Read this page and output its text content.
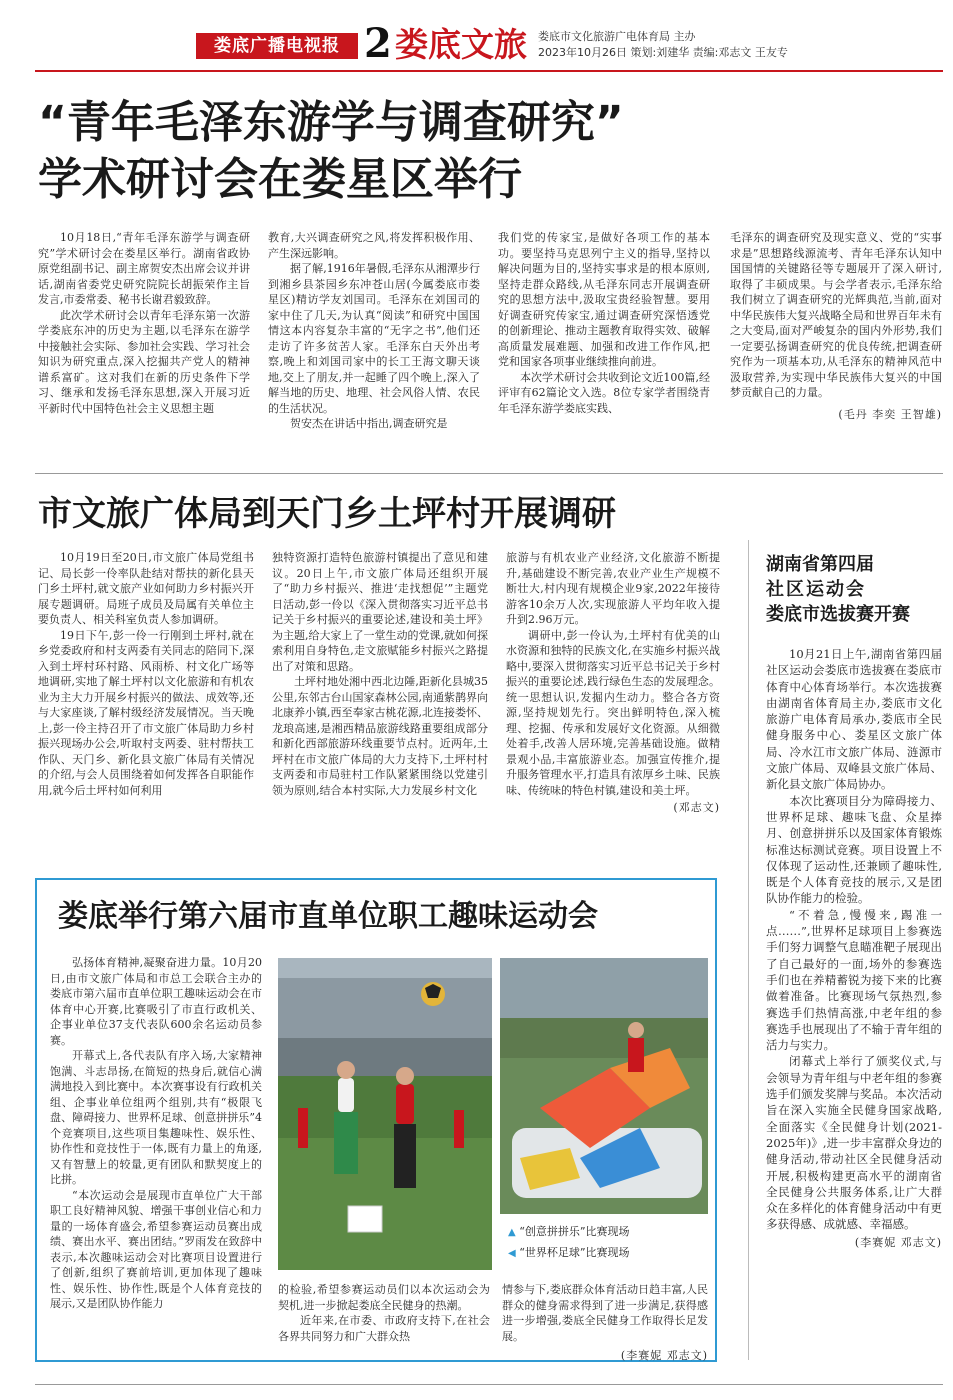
娄底广播电视报 2 娄底文旅 娄底市文化旅游广电体育局 主办
2023年10月26日 策划:刘建华 责编:邓志文 王友专
“青年毛泽东游学与调查研究”
学术研讨会在娄星区举行

10月18日,“青年毛泽东游学与调查研究”学术研讨会在娄星区举行。湖南省政协原党组副书记、副主席贺安杰出席会议并讲话,湖南省委党史研究院院长胡振荣作主旨发言,市委常委、秘书长谢君毅致辞。

此次学术研讨会以青年毛泽东第一次游学娄底东冲的历史为主题,以毛泽东在游学中接触社会实际、参加社会实践、学习社会知识为研究重点,深入挖掘共产党人的精神谱系富矿。这对我们在新的历史条件下学习、继承和发扬毛泽东思想,深入开展习近平新时代中国特色社会主义思想主题

教育,大兴调查研究之风,将发挥积极作用、产生深远影响。

据了解,1916年暑假,毛泽东从湘潭步行到湘乡县茶园乡东冲苍山居(今属娄底市娄星区)精访学友刘国司。毛泽东在刘国司的家中住了几天,为认真“阅读”和研究中国国情这本内容复杂丰富的“无字之书”,他们还走访了许多贫苦人家。毛泽东白天外出考察,晚上和刘国司家中的长工王海文聊天谈地,交上了朋友,并一起睡了四个晚上,深入了解当地的历史、地理、社会风俗人情、农民的生活状况。

贺安杰在讲话中指出,调查研究是

我们党的传家宝,是做好各项工作的基本功。要坚持马克思列宁主义的指导,坚持以解决问题为目的,坚持实事求是的根本原则,坚持走群众路线,从毛泽东同志开展调查研究的思想方法中,汲取宝贵经验智慧。要用好调查研究传家宝,通过调查研究深悟透党的创新理论、推动主题教育取得实效、破解高质量发展难题、加强和改进工作作风,把党和国家各项事业继续推向前进。

本次学术研讨会共收到论文近100篇,经评审有62篇论文入选。8位专家学者围绕青年毛泽东游学娄底实践、

毛泽东的调查研究及现实意义、党的“实事求是”思想路线源流考、青年毛泽东认知中国国情的关键路径等专题展开了深入研讨,取得了丰硕成果。与会学者表示,毛泽东给我们树立了调查研究的光辉典范,当前,面对中华民族伟大复兴战略全局和世界百年未有之大变局,面对严峻复杂的国内外形势,我们一定要弘扬调查研究的优良传统,把调查研究作为一项基本功,从毛泽东的精神风范中汲取营养,为实现中华民族伟大复兴的中国梦贡献自己的力量。

(毛丹 李奕 王智雄)
市文旅广体局到天门乡土坪村开展调研

10月19日至20日,市文旅广体局党组书记、局长彭一伶率队赴结对帮扶的新化县天门乡土坪村,就文旅产业如何助力乡村振兴开展专题调研。局班子成员及局属有关单位主要负责人、相关科室负责人参加调研。

19日下午,彭一伶一行刚到土坪村,就在乡党委政府和村支两委有关同志的陪同下,深入到土坪村环村路、风雨桥、村文化广场等地调研,实地了解土坪村以文化旅游和有机农业为主大力开展乡村振兴的做法、成效等,还与大家座谈,了解村级经济发展情况。当天晚上,彭一伶主持召开了市文旅广体局助力乡村振兴现场办公会,听取村支两委、驻村帮扶工作队、天门乡、新化县文旅广体局有关情况的介绍,与会人员围绕着如何发挥各自职能作用,就今后土坪村如何利用

独特资源打造特色旅游村镇提出了意见和建议。20日上午,市文旅广体局还组织开展了“助力乡村振兴、推进‘走找想促’”主题党日活动,彭一伶以《深入贯彻落实习近平总书记关于乡村振兴的重要论述,建设和美土坪》为主题,给大家上了一堂生动的党课,就如何探索利用自身特色,走文旅赋能乡村振兴之路提出了对策和思路。

土坪村地处湘中西北边陲,距新化县城35公里,东邻古台山国家森林公园,南通紫鹊界向北康养小镇,西至奉家古桃花源,北连接娄怀、龙琅高速,是湘西精品旅游线路重要组成部分和新化西部旅游环线重要节点村。近两年,土坪村在市文旅广体局的大力支持下,土坪村村支两委和市局驻村工作队紧紧围绕以党建引领为原则,结合本村实际,大力发展乡村文化

旅游与有机农业产业经济,文化旅游不断提升,基础建设不断完善,农业产业生产规模不断壮大,村内现有规模企业9家,2022年接待游客10余万人次,实现旅游人平均年收入提升到2.96万元。

调研中,彭一伶认为,土坪村有优美的山水资源和独特的民族文化,在实施乡村振兴战略中,要深入贯彻落实习近平总书记关于乡村振兴的重要论述,践行绿色生态的发展理念。统一思想认识,发掘内生动力。整合各方资源,坚持规划先行。突出鲜明特色,深入梳理、挖掘、传承和发展好文化资源。从细微处着手,改善人居环境,完善基础设施。做精景观小品,丰富旅游业态。加强宣传推介,提升服务管理水平,打造具有浓厚乡土味、民族味、传统味的特色村镇,建设和美土坪。

(邓志文)
湖南省第四届
社区运动会
娄底市选拔赛开赛

10月21日上午,湖南省第四届社区运动会娄底市选拔赛在娄底市体育中心体育场举行。本次选拔赛由湖南省体育局主办,娄底市文化旅游广电体育局承办,娄底市全民健身服务中心、娄星区文旅广体局、冷水江市文旅广体局、涟源市文旅广体局、双峰县文旅广体局、新化县文旅广体局协办。

本次比赛项目分为障碍接力、世界杯足球、趣味飞盘、众星捧月、创意拼拼乐以及国家体育锻炼标准达标测试竞赛。项目设置上不仅体现了运动性,还兼顾了趣味性,既是个人体育竞技的展示,又是团队协作能力的检验。

“不着急,慢慢来,踢准一点……”,世界杯足球项目上参赛选手们努力调整气息瞄准靶子展现出了自己最好的一面,场外的参赛选手们也在养精蓄锐为接下来的比赛做着准备。比赛现场气氛热烈,参赛选手们热情高涨,中老年组的参赛选手也展现出了不输于青年组的活力与实力。

闭幕式上举行了颁奖仪式,与会领导为青年组与中老年组的参赛选手们颁发奖牌与奖品。本次活动旨在深入实施全民健身国家战略,全面落实《全民健身计划(2021-2025年)》,进一步丰富群众身边的健身活动,带动社区全民健身活动开展,积极构建更高水平的湖南省全民健身公共服务体系,让广大群众在多样化的体育健身活动中有更多获得感、成就感、幸福感。

(李赛妮 邓志文)
娄底举行第六届市直单位职工趣味运动会

弘扬体育精神,凝聚奋进力量。10月20日,由市文旅广体局和市总工会联合主办的娄底市第六届市直单位职工趣味运动会在市体育中心开赛,比赛吸引了市直行政机关、企事业单位37支代表队600余名运动员参赛。

开幕式上,各代表队有序入场,大家精神饱满、斗志昂扬,在简短的热身后,就信心满满地投入到比赛中。本次赛事设有行政机关组、企事业单位组两个组别,共有“极限飞盘、障碍接力、世界杯足球、创意拼拼乐”4个竞赛项目,这些项目集趣味性、娱乐性、协作性和竞技性于一体,既有力量上的角逐,又有智慧上的较量,更有团队和默契度上的比拼。

“本次运动会是展现市直单位广大干部职工良好精神风貌、增强干事创业信心和力量的一场体育盛会,希望参赛运动员赛出成绩、赛出水平、赛出团结。”罗雨发在致辞中表示,本次趣味运动会对比赛项目设置进行了创新,组织了赛前培训,更加体现了趣味性、娱乐性、协作性,既是个人体育竞技的展示,又是团队协作能力

▲ “创意拼拼乐”比赛现场
◀ “世界杯足球”比赛现场

的检验,希望参赛运动员们以本次运动会为契机,进一步掀起娄底全民健身的热潮。

近年来,在市委、市政府支持下,在社会各界共同努力和广大群众热

情参与下,娄底群众体育活动日趋丰富,人民群众的健身需求得到了进一步满足,获得感进一步增强,娄底全民健身工作取得长足发展。

(李赛妮 邓志文)
